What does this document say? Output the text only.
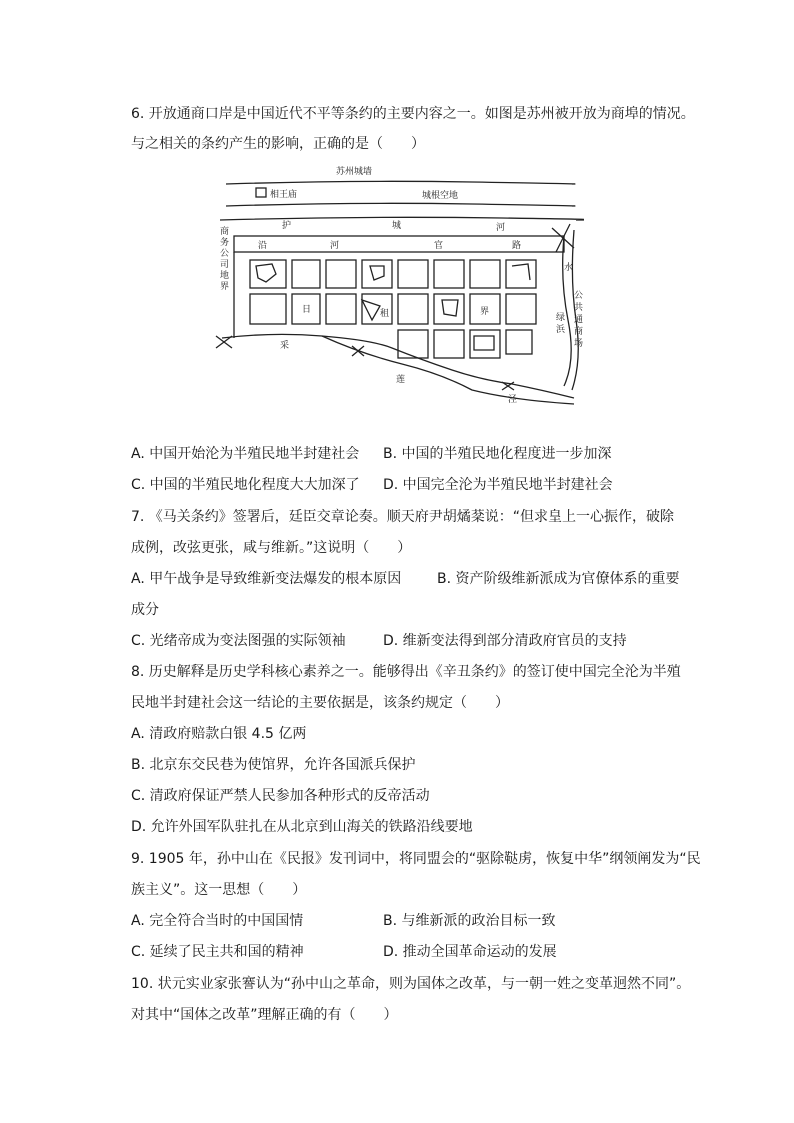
6. 开放通商口岸是中国近代不平等条约的主要内容之一。如图是苏州被开放为商埠的情况。
与之相关的条约产生的影响，正确的是（　　）
苏州城墙
相王庙	城根空地
护	城	河
沿	河	官	路
商
务
公
司
地
界
水
绿
浜
公
共
通
商
场
日	租	界
采
莲
泾
A. 中国开始沦为半殖民地半封建社会 B. 中国的半殖民地化程度进一步加深
C. 中国的半殖民地化程度大大加深了 D. 中国完全沦为半殖民地半封建社会
7. 《马关条约》签署后，廷臣交章论奏。顺天府尹胡燏棻说：“但求皇上一心振作，破除
成例，改弦更张，咸与维新。”这说明（　　）
A. 甲午战争是导致维新变法爆发的根本原因	B. 资产阶级维新派成为官僚体系的重要
成分
C. 光绪帝成为变法图强的实际领袖	D. 维新变法得到部分清政府官员的支持
8. 历史解释是历史学科核心素养之一。能够得出《辛丑条约》的签订使中国完全沦为半殖
民地半封建社会这一结论的主要依据是，该条约规定（　　）
A. 清政府赔款白银 4.5 亿两
B. 北京东交民巷为使馆界，允许各国派兵保护
C. 清政府保证严禁人民参加各种形式的反帝活动
D. 允许外国军队驻扎在从北京到山海关的铁路沿线要地
9. 1905 年，孙中山在《民报》发刊词中，将同盟会的“驱除鞑虏，恢复中华”纲领阐发为“民
族主义”。这一思想（　　）
A. 完全符合当时的中国国情	B. 与维新派的政治目标一致
C. 延续了民主共和国的精神	D. 推动全国革命运动的发展
10. 状元实业家张謇认为“孙中山之革命，则为国体之改革，与一朝一姓之变革迥然不同”。
对其中“国体之改革”理解正确的有（　　）
